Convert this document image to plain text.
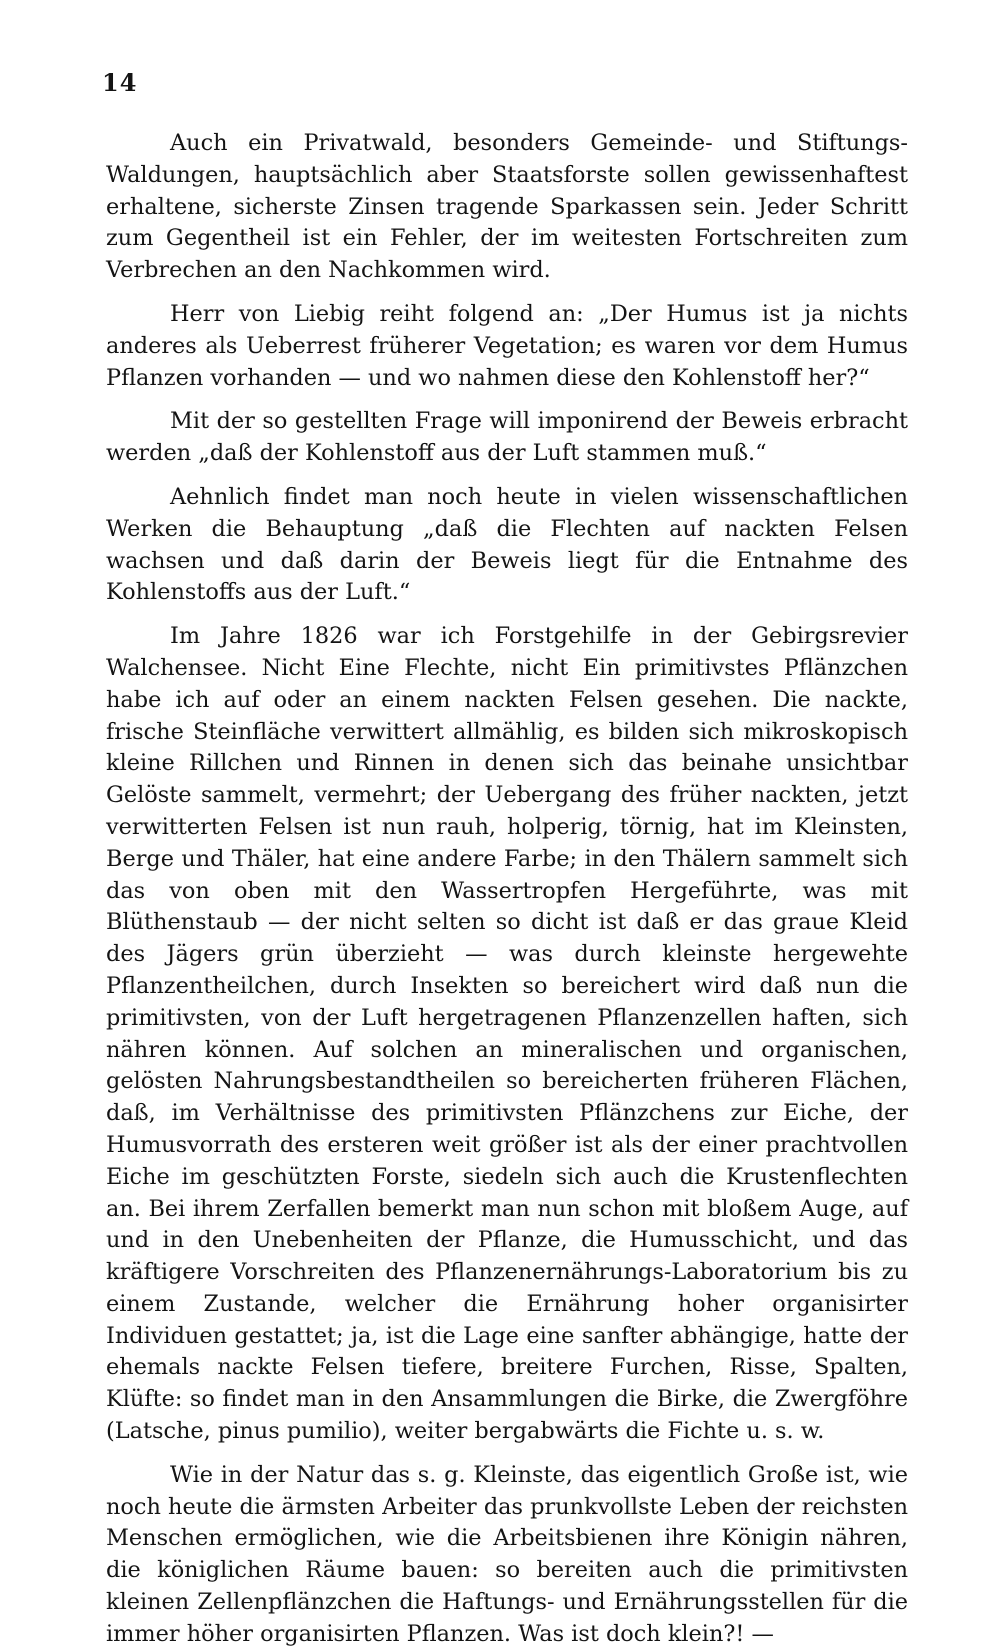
14

Auch ein Privatwald, besonders Gemeinde- und Stiftungs-Waldungen, hauptsächlich aber Staatsforste sollen gewissenhaftest erhaltene, sicherste Zinsen tragende Sparkassen sein. Jeder Schritt zum Gegentheil ist ein Fehler, der im weitesten Fortschreiten zum Verbrechen an den Nachkommen wird.

Herr von Liebig reiht folgend an: „Der Humus ist ja nichts anderes als Ueberrest früherer Vegetation; es waren vor dem Humus Pflanzen vorhanden — und wo nahmen diese den Kohlenstoff her?“

Mit der so gestellten Frage will imponirend der Beweis erbracht werden „daß der Kohlenstoff aus der Luft stammen muß.“

Aehnlich findet man noch heute in vielen wissenschaftlichen Werken die Behauptung „daß die Flechten auf nackten Felsen wachsen und daß darin der Beweis liegt für die Entnahme des Kohlenstoffs aus der Luft.“

Im Jahre 1826 war ich Forstgehilfe in der Gebirgsrevier Walchensee. Nicht Eine Flechte, nicht Ein primitivstes Pflänzchen habe ich auf oder an einem nackten Felsen gesehen. Die nackte, frische Steinfläche verwittert allmählig, es bilden sich mikroskopisch kleine Rillchen und Rinnen in denen sich das beinahe unsichtbar Gelöste sammelt, vermehrt; der Uebergang des früher nackten, jetzt verwitterten Felsen ist nun rauh, holperig, törnig, hat im Kleinsten, Berge und Thäler, hat eine andere Farbe; in den Thälern sammelt sich das von oben mit den Wassertropfen Hergeführte, was mit Blüthenstaub — der nicht selten so dicht ist daß er das graue Kleid des Jägers grün überzieht — was durch kleinste hergewehte Pflanzentheilchen, durch Insekten so bereichert wird daß nun die primitivsten, von der Luft hergetragenen Pflanzenzellen haften, sich nähren können. Auf solchen an mineralischen und organischen, gelösten Nahrungsbestandtheilen so bereicherten früheren Flächen, daß, im Verhältnisse des primitivsten Pflänzchens zur Eiche, der Humusvorrath des ersteren weit größer ist als der einer prachtvollen Eiche im geschützten Forste, siedeln sich auch die Krustenflechten an. Bei ihrem Zerfallen bemerkt man nun schon mit bloßem Auge, auf und in den Unebenheiten der Pflanze, die Humusschicht, und das kräftigere Vorschreiten des Pflanzenernährungs-Laboratorium bis zu einem Zustande, welcher die Ernährung hoher organisirter Individuen gestattet; ja, ist die Lage eine sanfter abhängige, hatte der ehemals nackte Felsen tiefere, breitere Furchen, Risse, Spalten, Klüfte: so findet man in den Ansammlungen die Birke, die Zwergföhre (Latsche, pinus pumilio), weiter bergabwärts die Fichte u. s. w.

Wie in der Natur das s. g. Kleinste, das eigentlich Große ist, wie noch heute die ärmsten Arbeiter das prunkvollste Leben der reichsten Menschen ermöglichen, wie die Arbeitsbienen ihre Königin nähren, die königlichen Räume bauen: so bereiten auch die primitivsten kleinen Zellenpflänzchen die Haftungs- und Ernährungsstellen für die immer höher organisirten Pflanzen. Was ist doch klein?! —
